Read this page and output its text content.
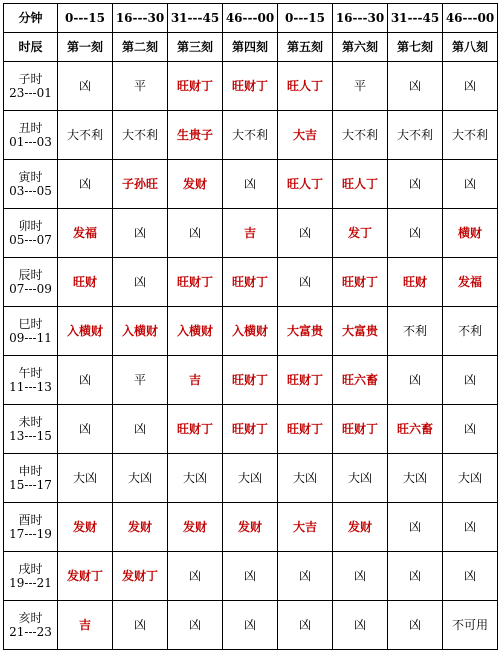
分钟	0---15	16---30	31---45	46---00	0---15	16---30	31---45	46---00
时辰	第一刻	第二刻	第三刻	第四刻	第五刻	第六刻	第七刻	第八刻

子时
23---01	凶	平	旺财丁	旺财丁	旺人丁	平	凶	凶

丑时
01---03	大不利	大不利	生贵子	大不利	大吉	大不利	大不利	大不利

寅时
03---05	凶	子孙旺	发财	凶	旺人丁	旺人丁	凶	凶

卯时
05---07	发福	凶	凶	吉	凶	发丁	凶	横财

辰时
07---09	旺财	凶	旺财丁	旺财丁	凶	旺财丁	旺财	发福

巳时
09---11	入横财	入横财	入横财	入横财	大富贵	大富贵	不利	不利

午时
11---13	凶	平	吉	旺财丁	旺财丁	旺六畜	凶	凶

未时
13---15	凶	凶	旺财丁	旺财丁	旺财丁	旺财丁	旺六畜	凶

申时
15---17	大凶	大凶	大凶	大凶	大凶	大凶	大凶	大凶

酉时
17---19	发财	发财	发财	发财	大吉	发财	凶	凶

戌时
19---21	发财丁	发财丁	凶	凶	凶	凶	凶	凶

亥时
21---23	吉	凶	凶	凶	凶	凶	凶	不可用
